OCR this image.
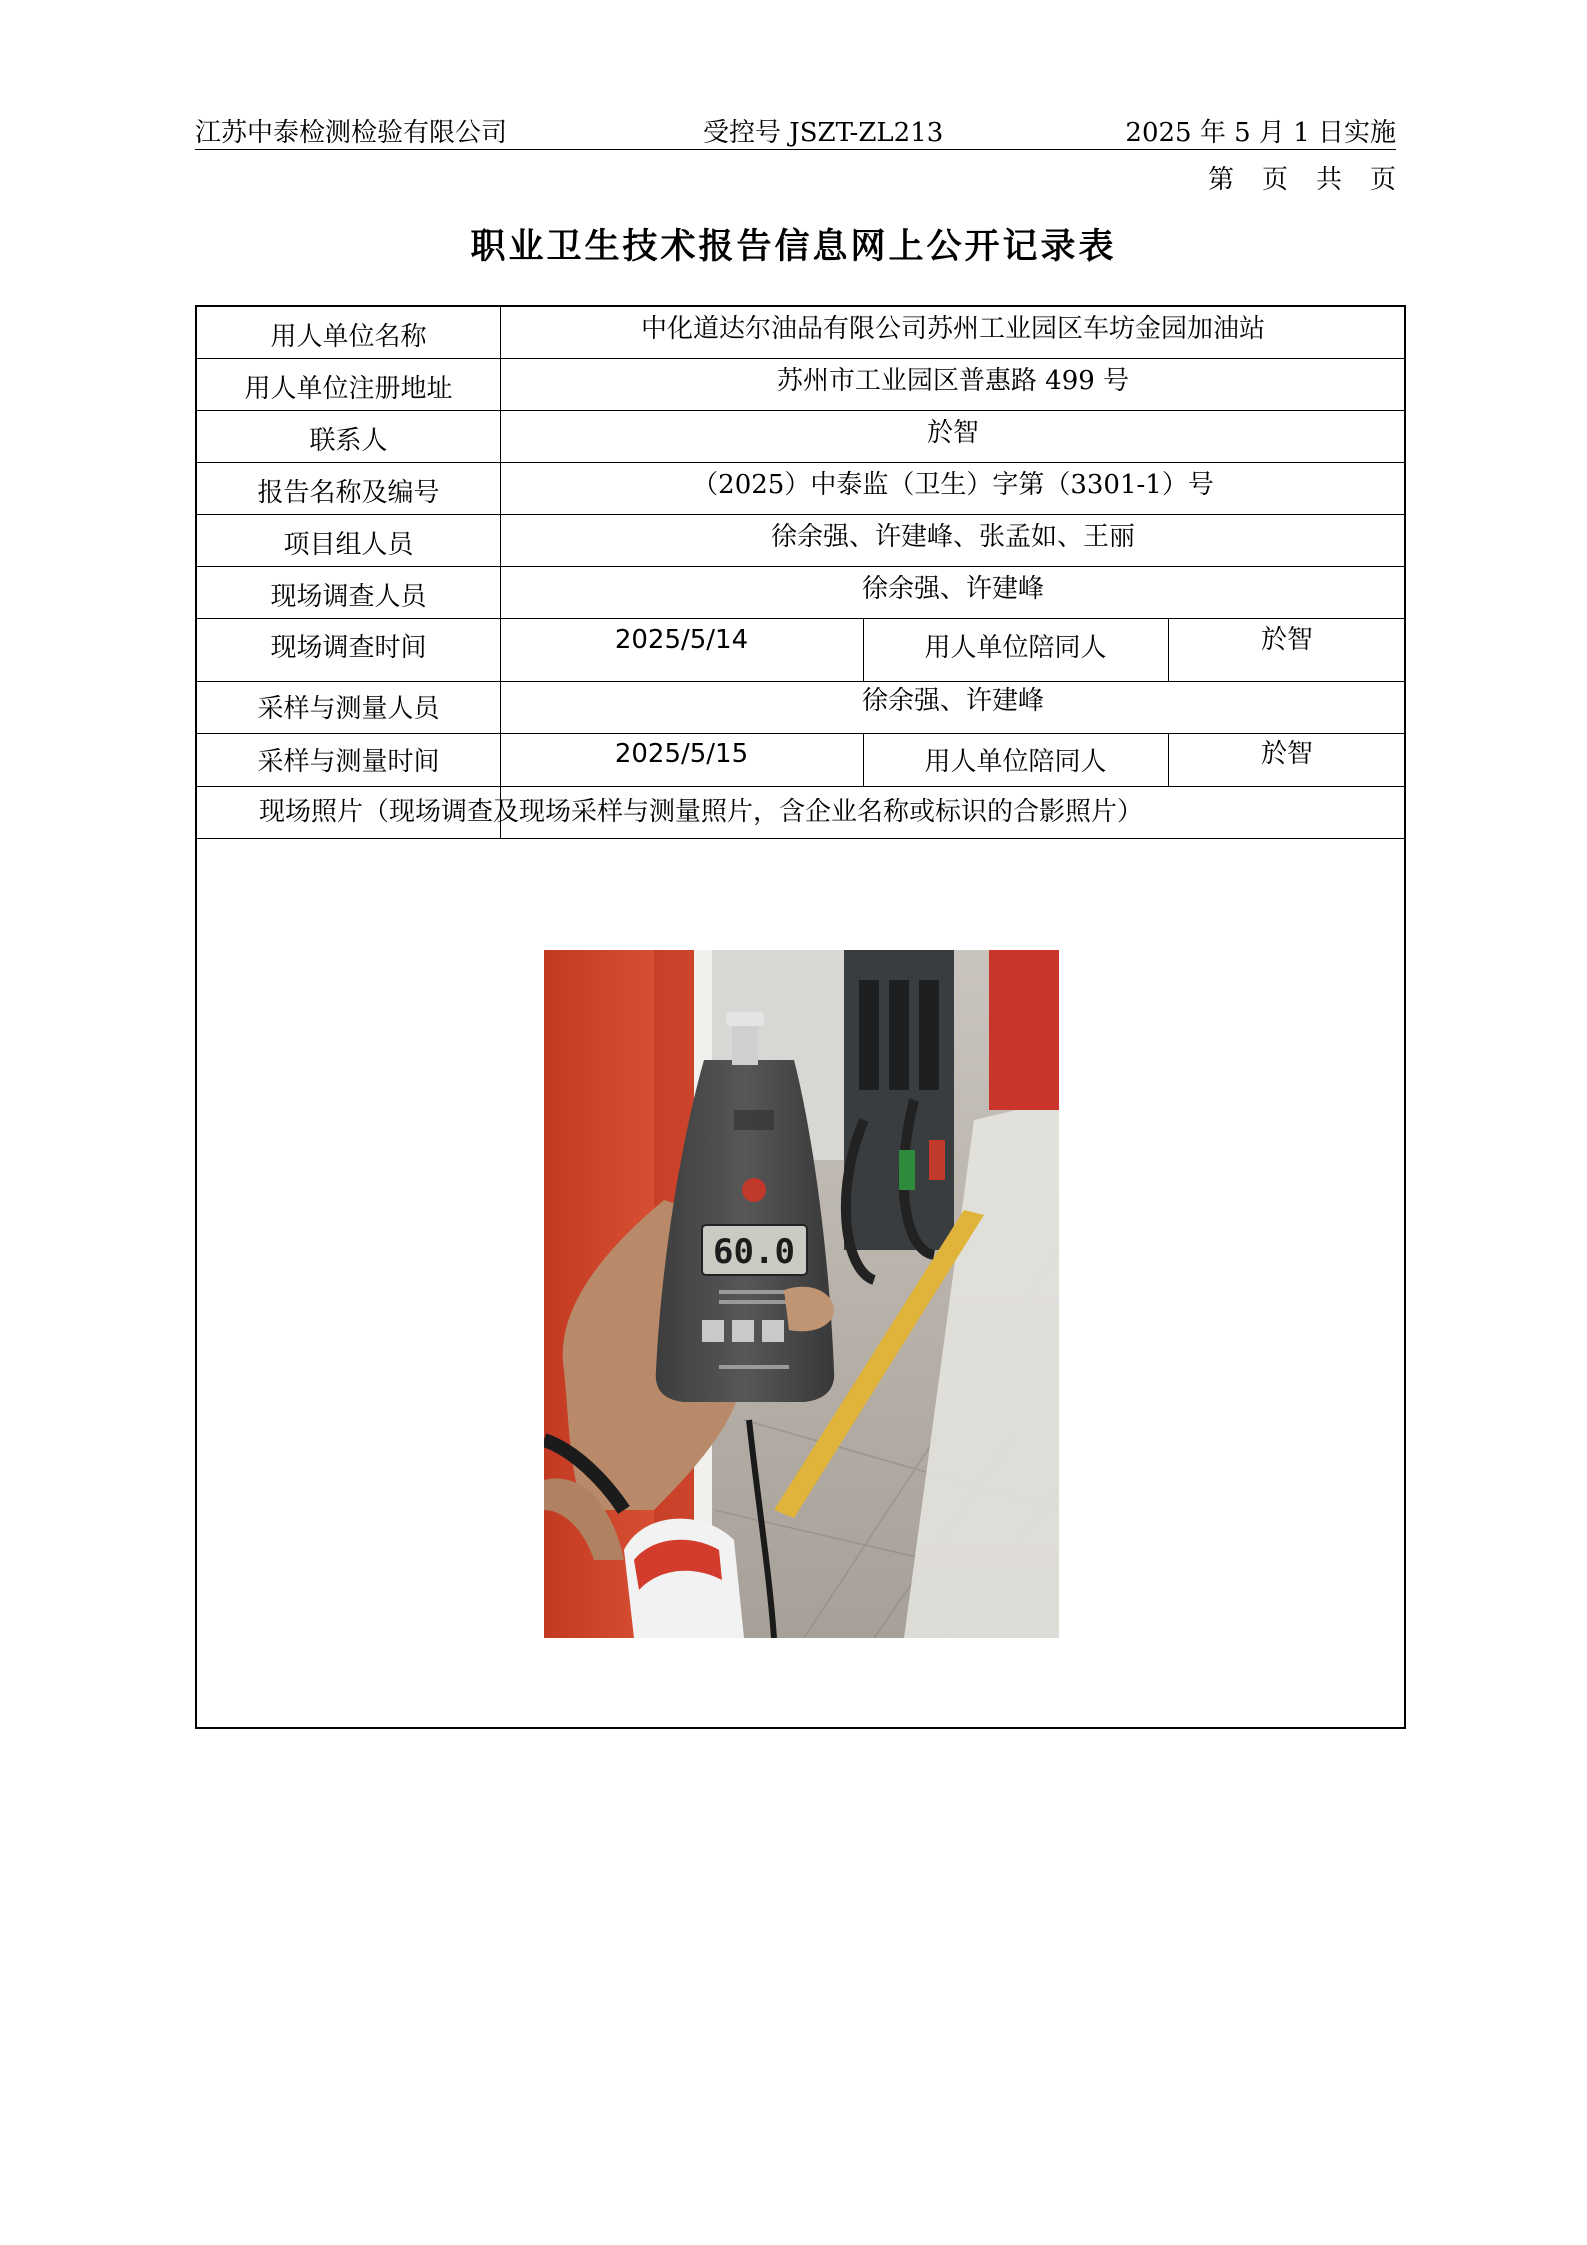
江苏中泰检测检验有限公司	受控号 JSZT-ZL213	2025 年 5 月 1 日实施
第 页 共 页
职业卫生技术报告信息网上公开记录表
用人单位名称	中化道达尔油品有限公司苏州工业园区车坊金园加油站
用人单位注册地址	苏州市工业园区普惠路 499 号
联系人	於智
报告名称及编号	（2025）中泰监（卫生）字第（3301-1）号
项目组人员	徐余强、许建峰、张孟如、王丽
现场调查人员	徐余强、许建峰
现场调查时间	2025/5/14	用人单位陪同人	於智
采样与测量人员	徐余强、许建峰
采样与测量时间	2025/5/15	用人单位陪同人	於智
现场照片（现场调查及现场采样与测量照片，含企业名称或标识的合影照片）
60.0
